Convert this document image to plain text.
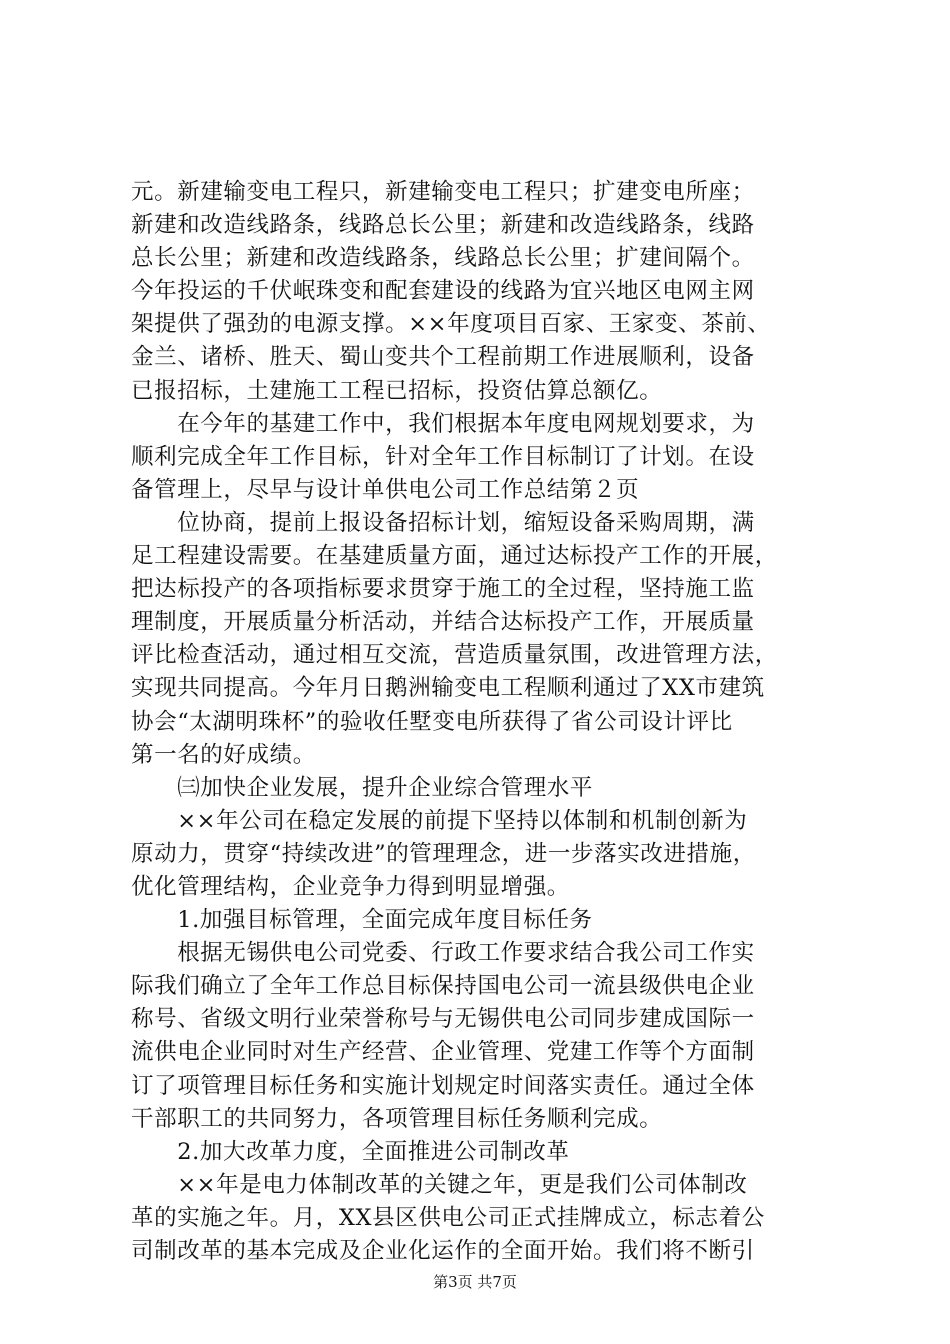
元。新建输变电工程只，新建输变电工程只；扩建变电所座；
新建和改造线路条，线路总长公里；新建和改造线路条，线路
总长公里；新建和改造线路条，线路总长公里；扩建间隔个。
今年投运的千伏岷珠变和配套建设的线路为宜兴地区电网主网
架提供了强劲的电源支撑。××年度项目百家、王家变、茶前、
金兰、诸桥、胜天、蜀山变共个工程前期工作进展顺利，设备
已报招标，土建施工工程已招标，投资估算总额亿。
　　在今年的基建工作中，我们根据本年度电网规划要求，为
顺利完成全年工作目标，针对全年工作目标制订了计划。在设
备管理上，尽早与设计单供电公司工作总结第２页
　　位协商，提前上报设备招标计划，缩短设备采购周期，满
足工程建设需要。在基建质量方面，通过达标投产工作的开展，
把达标投产的各项指标要求贯穿于施工的全过程，坚持施工监
理制度，开展质量分析活动，并结合达标投产工作，开展质量
评比检查活动，通过相互交流，营造质量氛围，改进管理方法，
实现共同提高。今年月日鹅洲输变电工程顺利通过了XX市建筑
协会“太湖明珠杯”的验收任墅变电所获得了省公司设计评比
第一名的好成绩。
　　㈢加快企业发展，提升企业综合管理水平
　　××年公司在稳定发展的前提下坚持以体制和机制创新为
原动力，贯穿“持续改进”的管理理念，进一步落实改进措施，
优化管理结构，企业竞争力得到明显增强。
　　1.加强目标管理，全面完成年度目标任务
　　根据无锡供电公司党委、行政工作要求结合我公司工作实
际我们确立了全年工作总目标保持国电公司一流县级供电企业
称号、省级文明行业荣誉称号与无锡供电公司同步建成国际一
流供电企业同时对生产经营、企业管理、党建工作等个方面制
订了项管理目标任务和实施计划规定时间落实责任。通过全体
干部职工的共同努力，各项管理目标任务顺利完成。
　　2.加大改革力度，全面推进公司制改革
　　××年是电力体制改革的关键之年，更是我们公司体制改
革的实施之年。月，XX县区供电公司正式挂牌成立，标志着公
司制改革的基本完成及企业化运作的全面开始。我们将不断引
第3页 共7页
